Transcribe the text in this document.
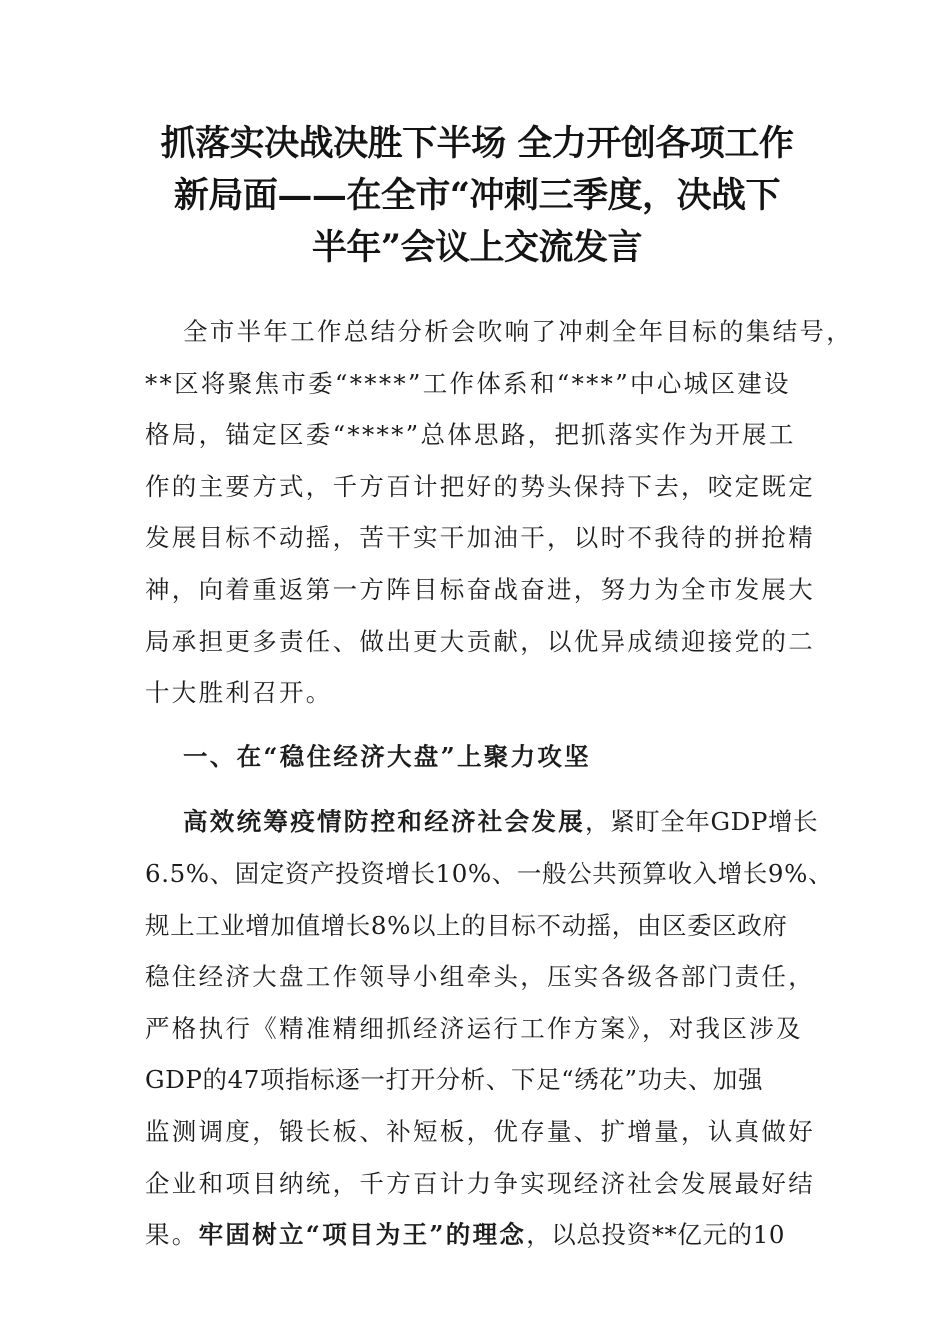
抓落实决战决胜下半场 全力开创各项工作
新局面——在全市“冲刺三季度，决战下
半年”会议上交流发言
全市半年工作总结分析会吹响了冲刺全年目标的集结号，
**区将聚焦市委“****”工作体系和“***”中心城区建设
格局，锚定区委“****”总体思路，把抓落实作为开展工
作的主要方式，千方百计把好的势头保持下去，咬定既定
发展目标不动摇，苦干实干加油干，以时不我待的拼抢精
神，向着重返第一方阵目标奋战奋进，努力为全市发展大
局承担更多责任、做出更大贡献，以优异成绩迎接党的二
十大胜利召开。
一、在“稳住经济大盘”上聚力攻坚
高效统筹疫情防控和经济社会发展，紧盯全年GDP增长
6.5%、固定资产投资增长10%、一般公共预算收入增长9%、
规上工业增加值增长8%以上的目标不动摇，由区委区政府
稳住经济大盘工作领导小组牵头，压实各级各部门责任，
严格执行《精准精细抓经济运行工作方案》，对我区涉及
GDP的47项指标逐一打开分析、下足“绣花”功夫、加强
监测调度，锻长板、补短板，优存量、扩增量，认真做好
企业和项目纳统，千方百计力争实现经济社会发展最好结
果。牢固树立“项目为王”的理念，以总投资**亿元的10
